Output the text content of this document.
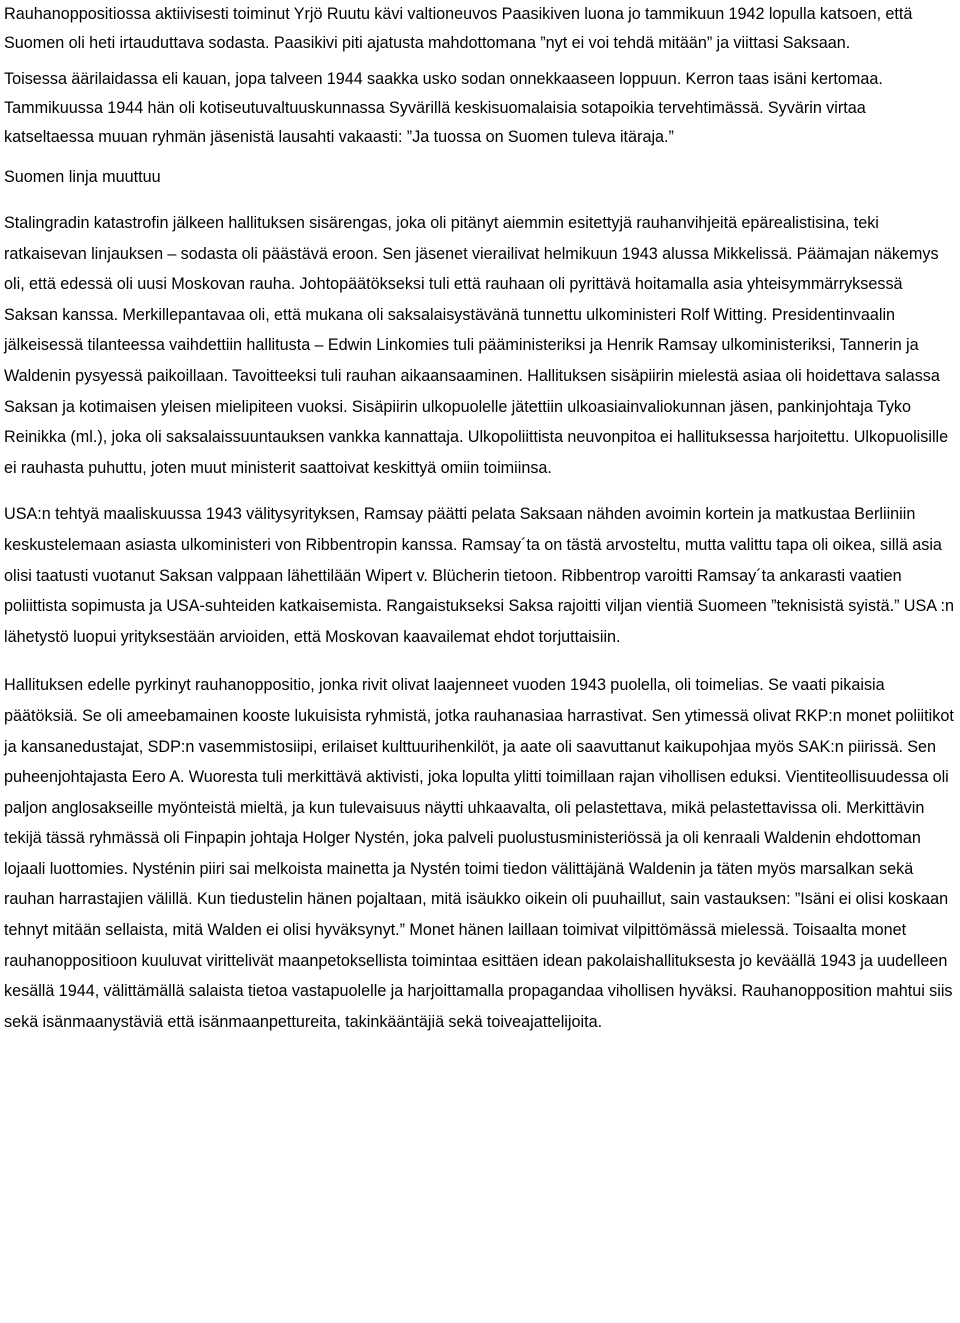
Rauhanoppositiossa aktiivisesti toiminut Yrjö Ruutu kävi valtioneuvos Paasikiven luona jo tammikuun 1942 lopulla katsoen, että Suomen oli heti irtauduttava sodasta. Paasikivi piti ajatusta mahdottomana ”nyt ei voi tehdä mitään” ja viittasi Saksaan.

Toisessa äärilaidassa eli kauan, jopa talveen 1944 saakka usko sodan onnekkaaseen loppuun. Kerron taas isäni kertomaa. Tammikuussa 1944 hän oli kotiseutuvaltuuskunnassa Syvärillä keskisuomalaisia sotapoikia tervehtimässä. Syvärin virtaa katseltaessa muuan ryhmän jäsenistä lausahti vakaasti: ”Ja tuossa on Suomen tuleva itäraja.”

Suomen linja muuttuu

Stalingradin katastrofin jälkeen hallituksen sisärengas, joka oli pitänyt aiemmin esitettyjä rauhanvihjeitä epärealistisina, teki ratkaisevan linjauksen – sodasta oli päästävä eroon. Sen jäsenet vierailivat helmikuun 1943 alussa Mikkelissä. Päämajan näkemys oli, että edessä oli uusi Moskovan rauha. Johtopäätökseksi tuli että rauhaan oli pyrittävä hoitamalla asia yhteisymmärryksessä Saksan kanssa. Merkillepantavaa oli, että mukana oli saksalaisystävänä tunnettu ulkoministeri Rolf Witting. Presidentinvaalin jälkeisessä tilanteessa vaihdettiin hallitusta – Edwin Linkomies tuli pääministeriksi ja Henrik Ramsay ulkoministeriksi, Tannerin ja Waldenin pysyessä paikoillaan. Tavoitteeksi tuli rauhan aikaansaaminen. Hallituksen sisäpiirin mielestä asiaa oli hoidettava salassa Saksan ja kotimaisen yleisen mielipiteen vuoksi. Sisäpiirin ulkopuolelle jätettiin ulkoasiainvaliokunnan jäsen, pankinjohtaja Tyko Reinikka (ml.), joka oli saksalaissuuntauksen vankka kannattaja. Ulkopoliittista neuvonpitoa ei hallituksessa harjoitettu. Ulkopuolisille ei rauhasta puhuttu, joten muut ministerit saattoivat keskittyä omiin toimiinsa.

USA:n tehtyä maaliskuussa 1943 välitysyrityksen, Ramsay päätti pelata Saksaan nähden avoimin kortein ja matkustaa Berliiniin keskustelemaan asiasta ulkoministeri von Ribbentropin kanssa. Ramsay´ta on tästä arvosteltu, mutta valittu tapa oli oikea, sillä asia olisi taatusti vuotanut Saksan valppaan lähettilään Wipert v. Blücherin tietoon. Ribbentrop varoitti Ramsay´ta ankarasti vaatien poliittista sopimusta ja USA-suhteiden katkaisemista. Rangaistukseksi Saksa rajoitti viljan vientiä Suomeen ”teknisistä syistä.” USA :n lähetystö luopui yrityksestään arvioiden, että Moskovan kaavailemat ehdot torjuttaisiin.

Hallituksen edelle pyrkinyt rauhanoppositio, jonka rivit olivat laajenneet vuoden 1943 puolella, oli toimelias. Se vaati pikaisia päätöksiä. Se oli ameebamainen kooste lukuisista ryhmistä, jotka rauhanasiaa harrastivat. Sen ytimessä olivat RKP:n monet poliitikot ja kansanedustajat, SDP:n vasemmistosiipi, erilaiset kulttuurihenkilöt, ja aate oli saavuttanut kaikupohjaa myös SAK:n piirissä. Sen puheenjohtajasta Eero A. Wuoresta tuli merkittävä aktivisti, joka lopulta ylitti toimillaan rajan vihollisen eduksi. Vientiteollisuudessa oli paljon anglosakseille myönteistä mieltä, ja kun tulevaisuus näytti uhkaavalta, oli pelastettava, mikä pelastettavissa oli. Merkittävin tekijä tässä ryhmässä oli Finpapin johtaja Holger Nystén, joka palveli puolustusministeriössä ja oli kenraali Waldenin ehdottoman lojaali luottomies. Nysténin piiri sai melkoista mainetta ja Nystén toimi tiedon välittäjänä Waldenin ja täten myös marsalkan sekä rauhan harrastajien välillä. Kun tiedustelin hänen pojaltaan, mitä isäukko oikein oli puuhaillut, sain vastauksen: ”Isäni ei olisi koskaan tehnyt mitään sellaista, mitä Walden ei olisi hyväksynyt.” Monet hänen laillaan toimivat vilpittömässä mielessä. Toisaalta monet rauhanoppositioon kuuluvat virittelivät maanpetoksellista toimintaa esittäen idean pakolaishallituksesta jo keväällä 1943 ja uudelleen kesällä 1944, välittämällä salaista tietoa vastapuolelle ja harjoittamalla propagandaa vihollisen hyväksi. Rauhanopposition mahtui siis sekä isänmaanystäviä että isänmaanpettureita, takinkääntäjiä sekä toiveajattelijoita.
